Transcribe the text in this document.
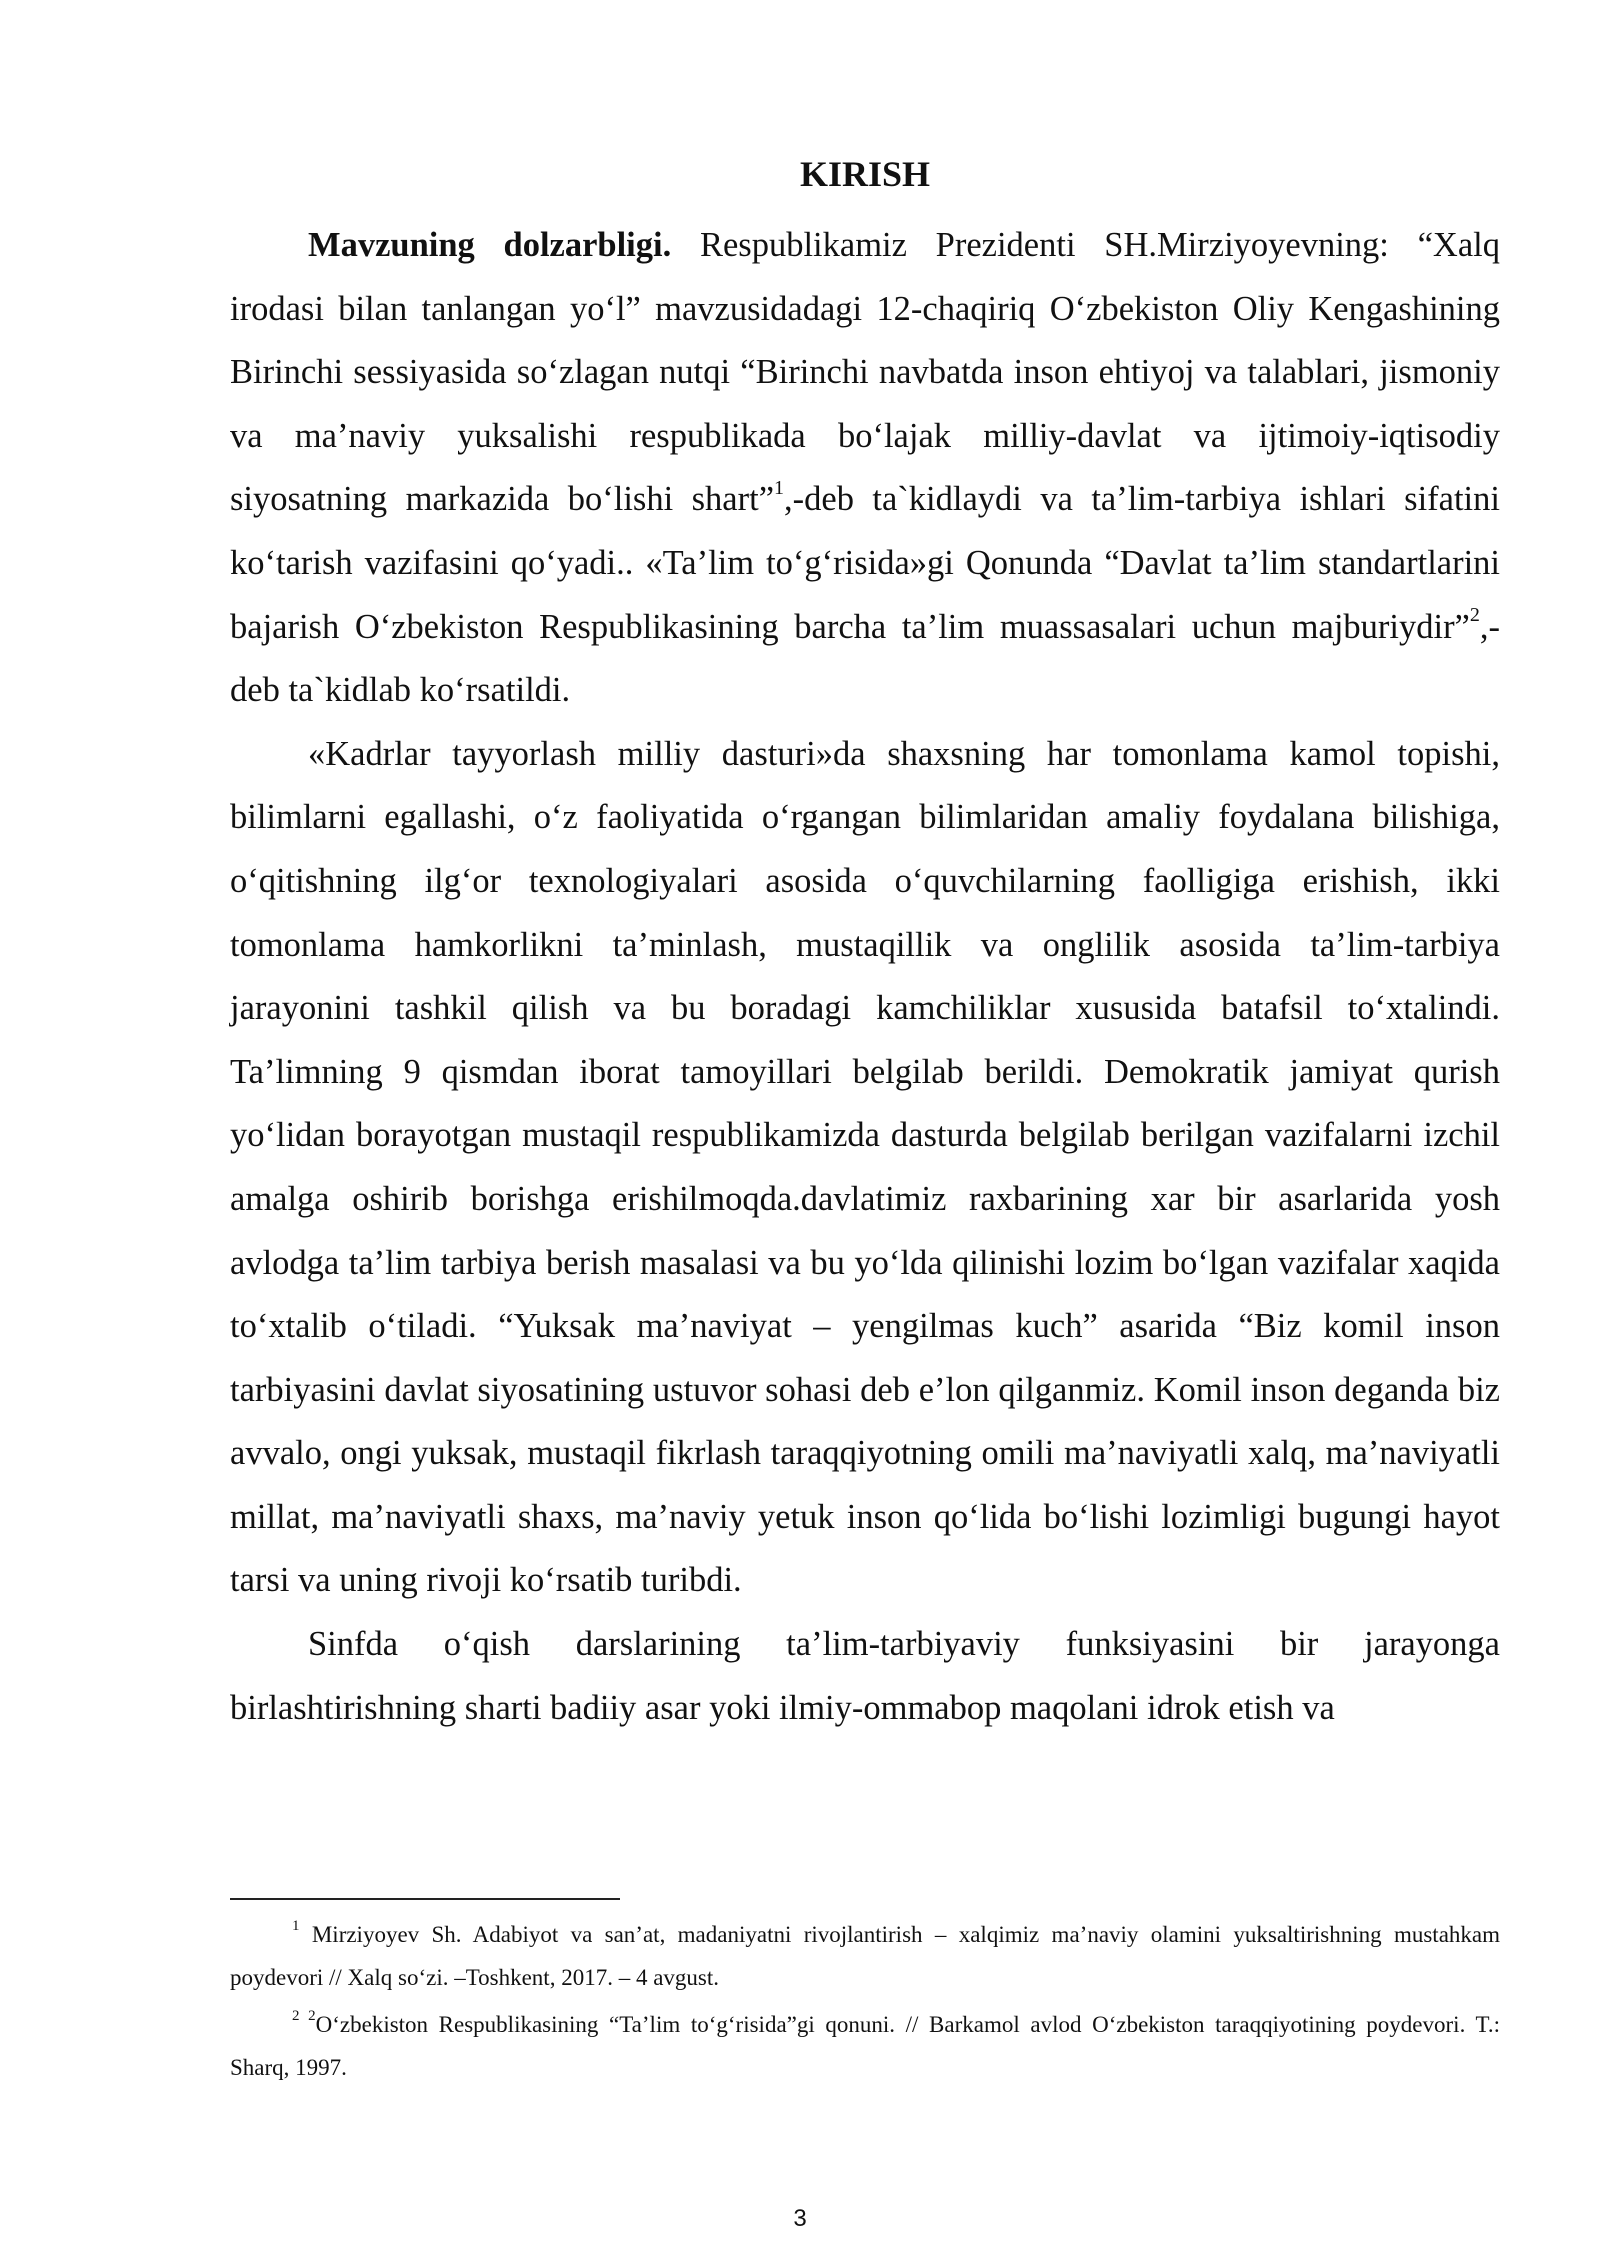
KIRISH

Mavzuning dolzarbligi. Respublikamiz Prezidenti SH.Mirziyoyevning: “Xalq irodasi bilan tanlangan yo‘l” mavzusidadagi 12-chaqiriq O‘zbekiston Oliy Kengashining Birinchi sessiyasida so‘zlagan nutqi “Birinchi navbatda inson ehtiyoj va talablari, jismoniy va ma’naviy yuksalishi respublikada bo‘lajak milliy-davlat va ijtimoiy-iqtisodiy siyosatning markazida bo‘lishi shart”$^1$,-deb ta`kidlaydi va ta’lim-tarbiya ishlari sifatini ko‘tarish vazifasini qo‘yadi.. «Ta’lim to‘g‘risida»gi Qonunda “Davlat ta’lim standartlarini bajarish O‘zbekiston Respublikasining barcha ta’lim muassasalari uchun majburiydir”$^2$,- deb ta`kidlab ko‘rsatildi.

«Kadrlar tayyorlash milliy dasturi»da shaxsning har tomonlama kamol topishi, bilimlarni egallashi, o‘z faoliyatida o‘rgangan bilimlaridan amaliy foydalana bilishiga, o‘qitishning ilg‘or texnologiyalari asosida o‘quvchilarning faolligiga erishish, ikki tomonlama hamkorlikni ta’minlash, mustaqillik va onglilik asosida ta’lim-tarbiya jarayonini tashkil qilish va bu boradagi kamchiliklar xususida batafsil to‘xtalindi. Ta’limning 9 qismdan iborat tamoyillari belgilab berildi. Demokratik jamiyat qurish yo‘lidan borayotgan mustaqil respublikamizda dasturda belgilab berilgan vazifalarni izchil amalga oshirib borishga erishilmoqda.davlatimiz raxbarining xar bir asarlarida yosh avlodga ta’lim tarbiya berish masalasi va bu yo‘lda qilinishi lozim bo‘lgan vazifalar xaqida to‘xtalib o‘tiladi. “Yuksak ma’naviyat – yengilmas kuch” asarida “Biz komil inson tarbiyasini davlat siyosatining ustuvor sohasi deb e’lon qilganmiz. Komil inson deganda biz avvalo, ongi yuksak, mustaqil fikrlash taraqqiyotning omili ma’naviyatli xalq, ma’naviyatli millat, ma’naviyatli shaxs, ma’naviy yetuk inson qo‘lida bo‘lishi lozimligi bugungi hayot tarsi va uning rivoji ko‘rsatib turibdi.

Sinfda o‘qish darslarining ta’lim-tarbiyaviy funksiyasini bir jarayonga birlashtirishning sharti badiiy asar yoki ilmiy-ommabop maqolani idrok etish va

$^1$ Mirziyoyev Sh. Adabiyot va san’at, madaniyatni rivojlantirish – xalqimiz ma’naviy olamini yuksaltirishning mustahkam poydevori // Xalq so‘zi. –Toshkent, 2017. – 4 avgust.

$^{2 2}$O‘zbekiston Respublikasining “Ta’lim to‘g‘risida”gi qonuni. // Barkamol avlod O‘zbekiston taraqqiyotining poydevori. T.: Sharq, 1997.

3
